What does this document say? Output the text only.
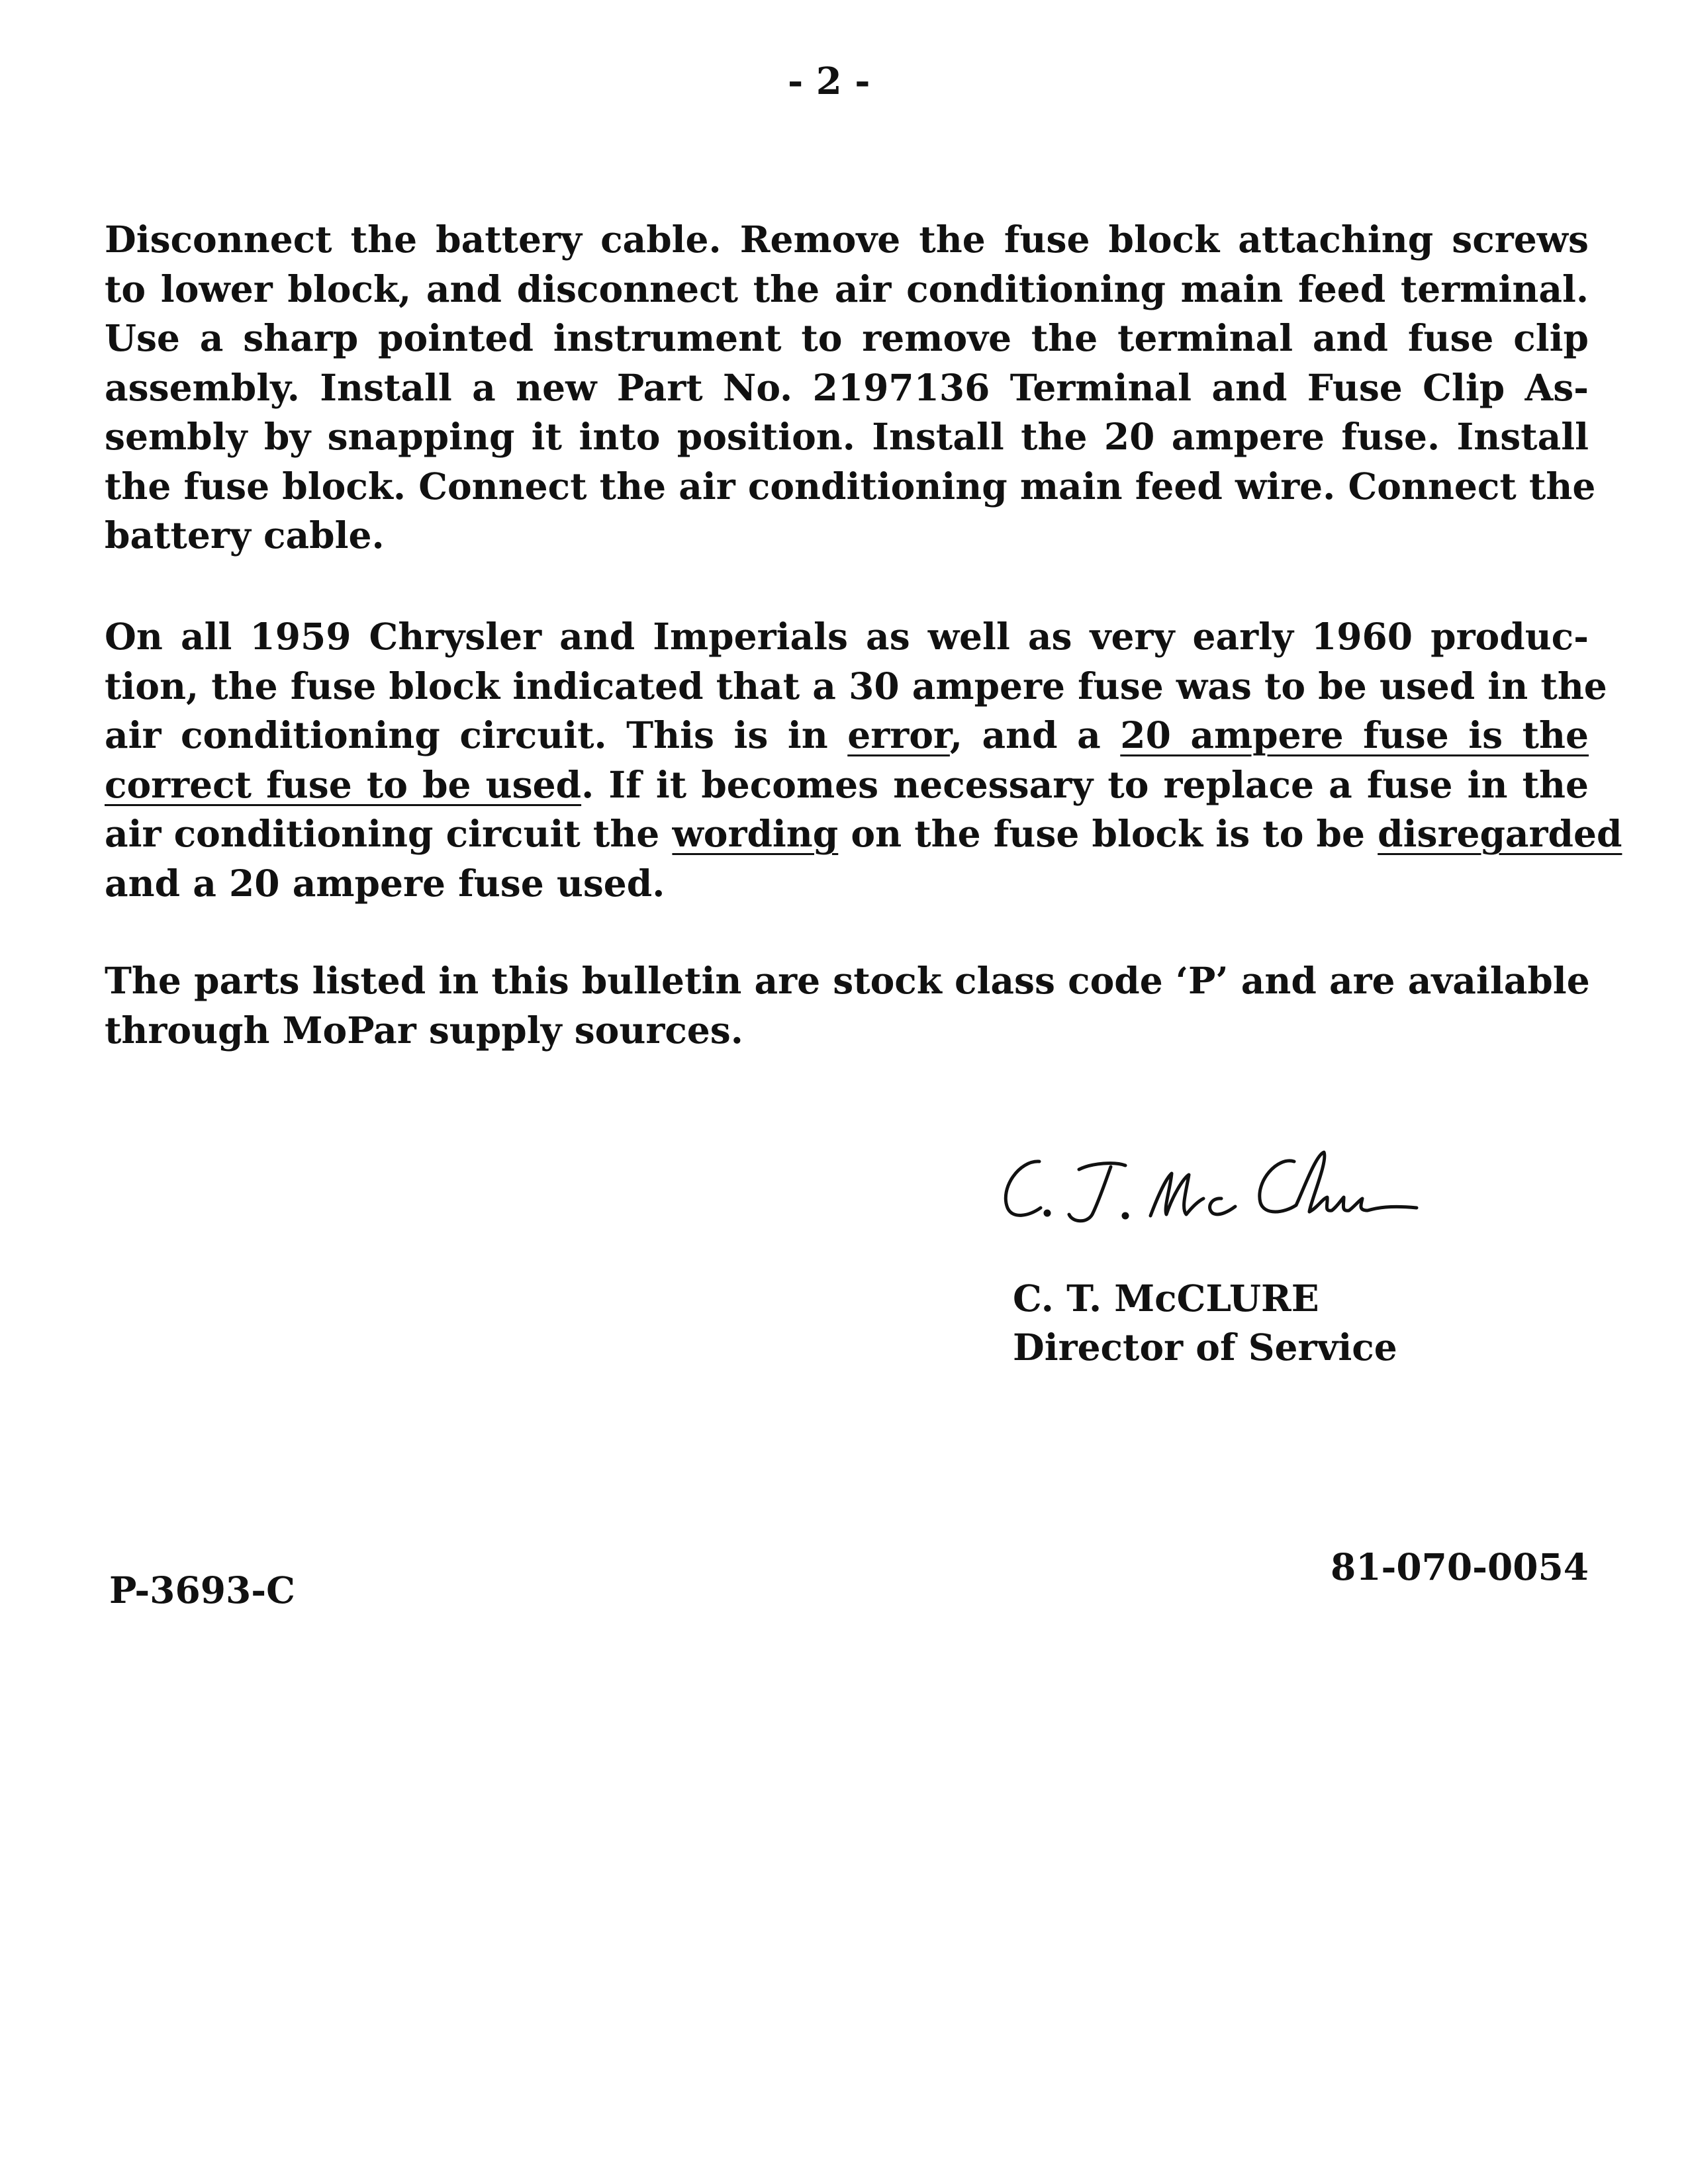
- 2 -
Disconnect the battery cable. Remove the fuse block attaching screws
to lower block, and disconnect the air conditioning main feed terminal.
Use a sharp pointed instrument to remove the terminal and fuse clip
assembly. Install a new Part No. 2197136 Terminal and Fuse Clip As-
sembly by snapping it into position. Install the 20 ampere fuse. Install
the fuse block. Connect the air conditioning main feed wire. Connect the
battery cable.
On all 1959 Chrysler and Imperials as well as very early 1960 produc-
tion, the fuse block indicated that a 30 ampere fuse was to be used in the
air conditioning circuit. This is in error, and a 20 ampere fuse is the
correct fuse to be used. If it becomes necessary to replace a fuse in the
air conditioning circuit the wording on the fuse block is to be disregarded
and a 20 ampere fuse used.
The parts listed in this bulletin are stock class code ‘P’ and are available
through MoPar supply sources.
C. T. McCLURE
Director of Service
P-3693-C
81-070-0054
